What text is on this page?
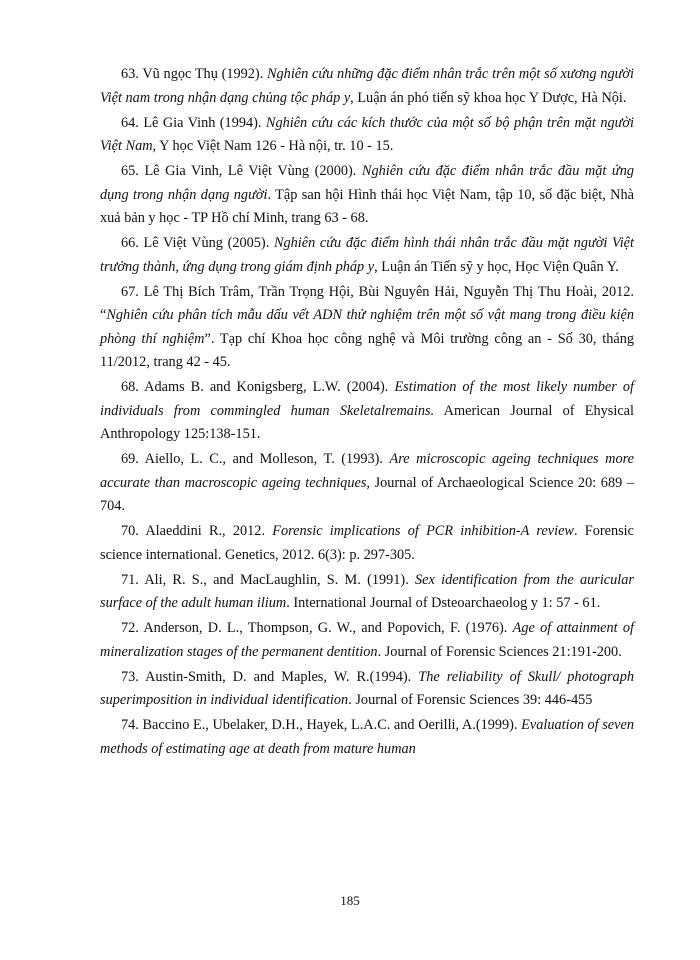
63. Vũ ngọc Thụ (1992). Nghiên cứu những đặc điểm nhân trắc trên một số xương người Việt nam trong nhận dạng chủng tộc pháp y, Luận án phó tiến sỹ khoa học Y Dược, Hà Nội.

64. Lê Gia Vinh (1994). Nghiên cứu các kích thước của một số bộ phận trên mặt người Việt Nam, Y học Việt Nam 126 - Hà nội, tr. 10 - 15.

65. Lê Gia Vinh, Lê Việt Vùng (2000). Nghiên cứu đặc điểm nhân trắc đầu mặt ứng dụng trong nhận dạng người. Tập san hội Hình thái học Việt Nam, tập 10, số đặc biệt, Nhà xuả bản y học - TP Hồ chí Minh, trang 63 - 68.

66. Lê Việt Vùng (2005). Nghiên cứu đặc điểm hình thái nhân trắc đầu mặt người Việt trưởng thành, ứng dụng trong giám định pháp y, Luận án Tiến sỹ y học, Học Viện Quân Y.

67. Lê Thị Bích Trâm, Trần Trọng Hội, Bùi Nguyên Hải, Nguyễn Thị Thu Hoài, 2012. “Nghiên cứu phân tích mẫu dấu vết ADN thử nghiệm trên một số vật mang trong điều kiện phòng thí nghiệm”. Tạp chí Khoa học công nghệ và Môi trường công an - Số 30, tháng 11/2012, trang 42 - 45.

68. Adams B. and Konigsberg, L.W. (2004). Estimation of the most likely number of individuals from commingled human Skeletalremains. American Journal of Ehysical Anthropology 125:138-151.

69. Aiello, L. C., and Molleson, T. (1993). Are microscopic ageing techniques more accurate than macroscopic ageing techniques, Journal of Archaeological Science 20: 689 – 704.

70. Alaeddini R., 2012. Forensic implications of PCR inhibition-A review. Forensic science international. Genetics, 2012. 6(3): p. 297-305.

71. Ali, R. S., and MacLaughlin, S. M. (1991). Sex identification from the auricular surface of the adult human ilium. International Journal of Dsteoarchaeolog y 1: 57 - 61.

72. Anderson, D. L., Thompson, G. W., and Popovich, F. (1976). Age of attainment of mineralization stages of the permanent dentition. Journal of Forensic Sciences 21:191-200.

73. Austin-Smith, D. and Maples, W. R.(1994). The reliability of Skull/ photograph superimposition in individual identification. Journal of Forensic Sciences 39: 446-455

74. Baccino E., Ubelaker, D.H., Hayek, L.A.C. and Oerilli, A.(1999). Evaluation of seven methods of estimating age at death from mature human

185
